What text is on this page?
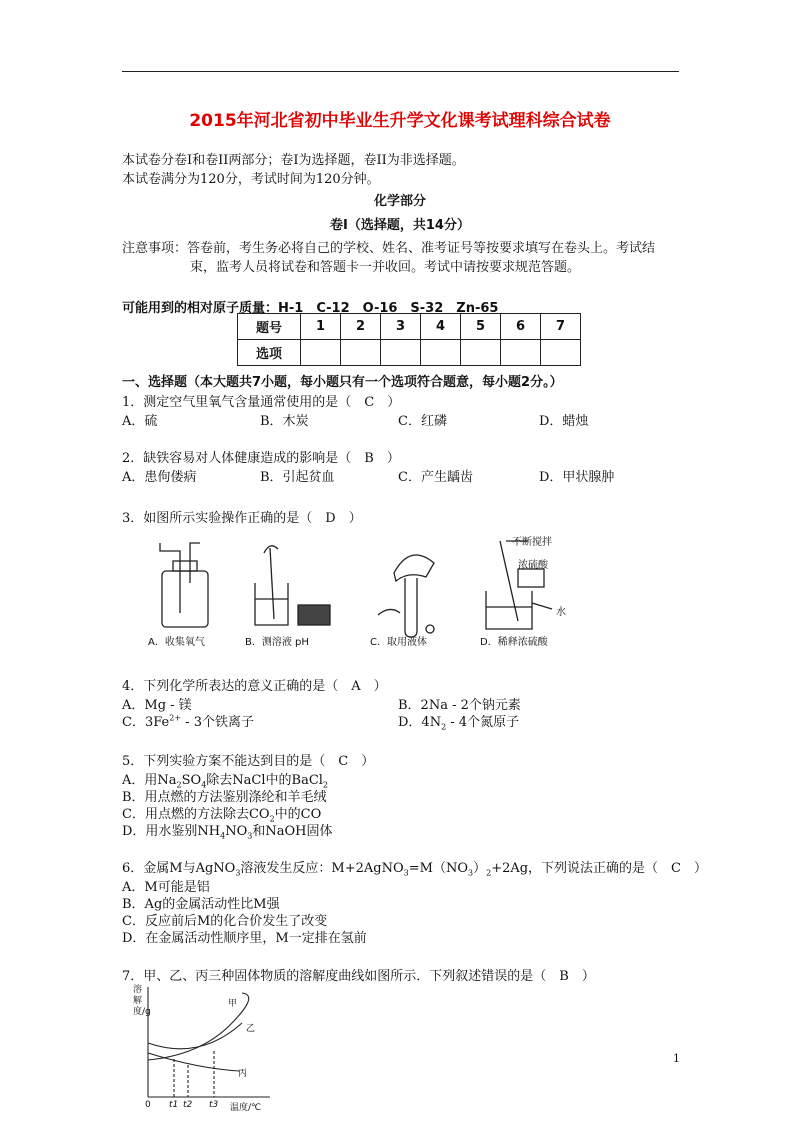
2015年河北省初中毕业生升学文化课考试理科综合试卷
本试卷分卷I和卷II两部分；卷I为选择题，卷II为非选择题。
本试卷满分为120分，考试时间为120分钟。
化学部分
卷I（选择题，共14分）
注意事项：答卷前，考生务必将自己的学校、姓名、准考证号等按要求填写在卷头上。考试结
束，监考人员将试卷和答题卡一并收回。考试中请按要求规范答题。
可能用到的相对原子质量：H-1　C-12　O-16　S-32　Zn-65
题号	1	2	3	4	5	6	7
选项							
一、选择题（本大题共7小题，每小题只有一个选项符合题意，每小题2分。）
1．测定空气里氧气含量通常使用的是（　C　）
A．硫	B．木炭	C．红磷	D．蜡烛
2．缺铁容易对人体健康造成的影响是（　B　）
A．患佝偻病	B．引起贫血	C．产生龋齿	D．甲状腺肿
3．如图所示实验操作正确的是（　D　）
不断搅拌
浓硫酸
水
A．收集氧气	B．测溶液 pH	C．取用液体	D．稀释浓硫酸
4．下列化学所表达的意义正确的是（　A　）
A．Mg - 镁	B．2Na - 2个钠元素
C．$3Fe^{2+} - 3$个铁离子	D．$4N_2 - 4$个氮原子
5．下列实验方案不能达到目的是（　C　）
A．用$Na_2SO_4$除去NaCl中的BaCl$_2$
B．用点燃的方法鉴别涤纶和羊毛绒
C．用点燃的方法除去$CO_2$中的CO
D．用水鉴别$NH_4NO_3$和NaOH固体
6．金属M与AgNO$_3$溶液发生反应：$M+2AgNO_3=M(NO_3)_2+2Ag$，下列说法正确的是（　C　）
A．M可能是铝
B．Ag的金属活动性比M强
C．反应前后M的化合价发生了改变
D．在金属活动性顺序里，M一定排在氢前
7．甲、乙、丙三种固体物质的溶解度曲线如图所示．下列叙述错误的是（　B　）
溶解度/g
甲
乙
丙
0 t1 t2 t3 温度/℃
1
